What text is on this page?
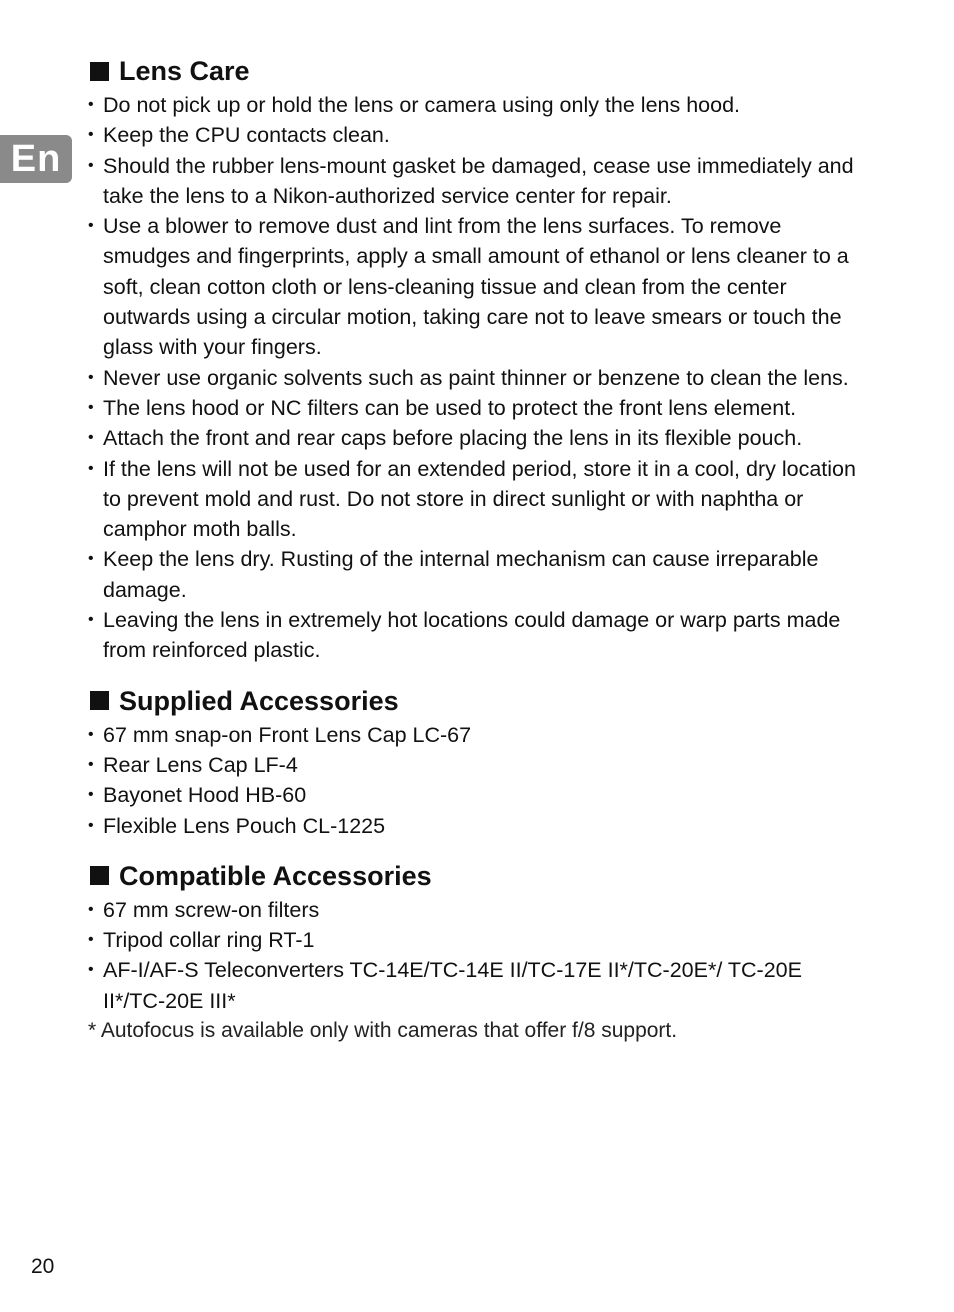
En
Lens Care
• Do not pick up or hold the lens or camera using only the lens hood.
• Keep the CPU contacts clean.
• Should the rubber lens-mount gasket be damaged, cease use immediately and take the lens to a Nikon-authorized service center for repair.
• Use a blower to remove dust and lint from the lens surfaces. To remove smudges and fingerprints, apply a small amount of ethanol or lens cleaner to a soft, clean cotton cloth or lens-cleaning tissue and clean from the center outwards using a circular motion, taking care not to leave smears or touch the glass with your fingers.
• Never use organic solvents such as paint thinner or benzene to clean the lens.
• The lens hood or NC filters can be used to protect the front lens element.
• Attach the front and rear caps before placing the lens in its flexible pouch.
• If the lens will not be used for an extended period, store it in a cool, dry location to prevent mold and rust. Do not store in direct sunlight or with naphtha or camphor moth balls.
• Keep the lens dry. Rusting of the internal mechanism can cause irreparable damage.
• Leaving the lens in extremely hot locations could damage or warp parts made from reinforced plastic.
Supplied Accessories
• 67 mm snap-on Front Lens Cap LC-67
• Rear Lens Cap LF-4
• Bayonet Hood HB-60
• Flexible Lens Pouch CL-1225
Compatible Accessories
• 67 mm screw-on filters
• Tripod collar ring RT-1
• AF-I/AF-S Teleconverters TC-14E/TC-14E II/TC-17E II*/TC-20E*/ TC-20E II*/TC-20E III*
* Autofocus is available only with cameras that offer f/8 support.
20
